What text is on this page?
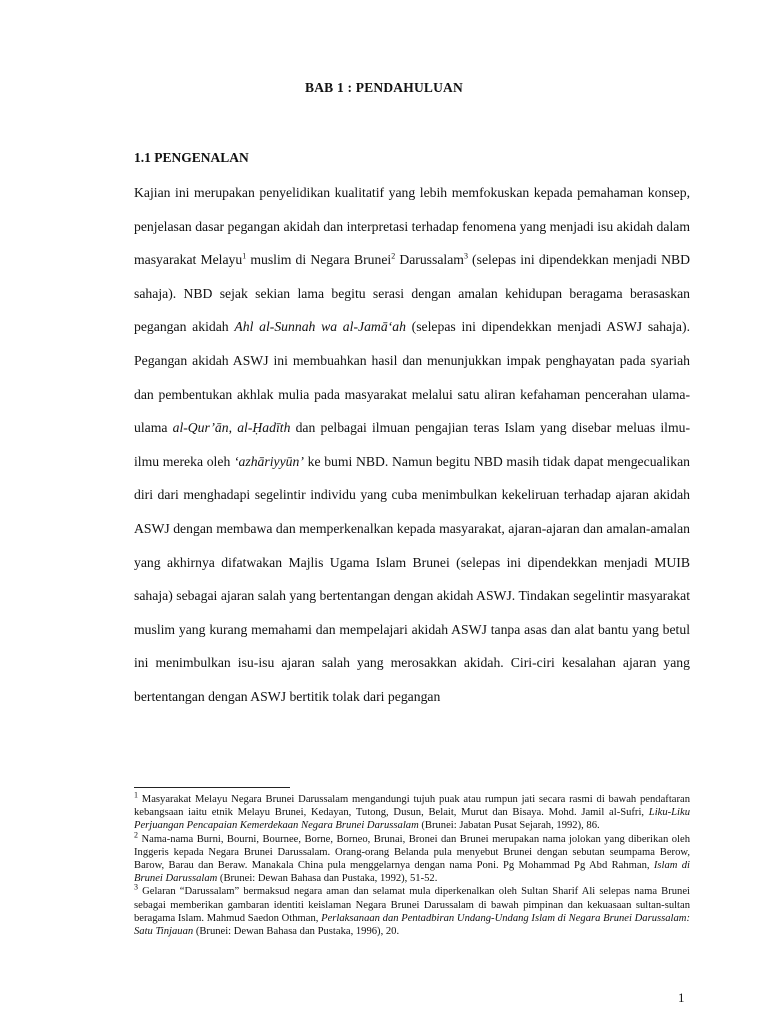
BAB 1 : PENDAHULUAN
1.1 PENGENALAN

Kajian ini merupakan penyelidikan kualitatif yang lebih memfokuskan kepada pemahaman konsep, penjelasan dasar pegangan akidah dan interpretasi terhadap fenomena yang menjadi isu akidah dalam masyarakat Melayu$^1$ muslim di Negara Brunei$^2$ Darussalam$^3$ (selepas ini dipendekkan menjadi NBD sahaja). NBD sejak sekian lama begitu serasi dengan amalan kehidupan beragama berasaskan pegangan akidah Ahl al-Sunnah wa al-Jamā‘ah (selepas ini dipendekkan menjadi ASWJ sahaja). Pegangan akidah ASWJ ini membuahkan hasil dan menunjukkan impak penghayatan pada syariah dan pembentukan akhlak mulia pada masyarakat melalui satu aliran kefahaman pencerahan ulama-ulama al-Qur’ān, al-Ḥadīth dan pelbagai ilmuan pengajian teras Islam yang disebar meluas ilmu-ilmu mereka oleh ‘azhāriyyūn’ ke bumi NBD. Namun begitu NBD masih tidak dapat mengecualikan diri dari menghadapi segelintir individu yang cuba menimbulkan kekeliruan terhadap ajaran akidah ASWJ dengan membawa dan memperkenalkan kepada masyarakat, ajaran-ajaran dan amalan-amalan yang akhirnya difatwakan Majlis Ugama Islam Brunei (selepas ini dipendekkan menjadi MUIB sahaja) sebagai ajaran salah yang bertentangan dengan akidah ASWJ. Tindakan segelintir masyarakat muslim yang kurang memahami dan mempelajari akidah ASWJ tanpa asas dan alat bantu yang betul ini menimbulkan isu-isu ajaran salah yang merosakkan akidah. Ciri-ciri kesalahan ajaran yang bertentangan dengan ASWJ bertitik tolak dari pegangan

$^1$ Masyarakat Melayu Negara Brunei Darussalam mengandungi tujuh puak atau rumpun jati secara rasmi di bawah pendaftaran kebangsaan iaitu etnik Melayu Brunei, Kedayan, Tutong, Dusun, Belait, Murut dan Bisaya. Mohd. Jamil al-Sufri, Liku-Liku Perjuangan Pencapaian Kemerdekaan Negara Brunei Darussalam (Brunei: Jabatan Pusat Sejarah, 1992), 86.

$^2$ Nama-nama Burni, Bourni, Bournee, Borne, Borneo, Brunai, Bronei dan Brunei merupakan nama jolokan yang diberikan oleh Inggeris kepada Negara Brunei Darussalam. Orang-orang Belanda pula menyebut Brunei dengan sebutan seumpama Berow, Barow, Barau dan Beraw. Manakala China pula menggelarnya dengan nama Poni. Pg Mohammad Pg Abd Rahman, Islam di Brunei Darussalam (Brunei: Dewan Bahasa dan Pustaka, 1992), 51-52.

$^3$ Gelaran “Darussalam” bermaksud negara aman dan selamat mula diperkenalkan oleh Sultan Sharif Ali selepas nama Brunei sebagai memberikan gambaran identiti keislaman Negara Brunei Darussalam di bawah pimpinan dan kekuasaan sultan-sultan beragama Islam. Mahmud Saedon Othman, Perlaksanaan dan Pentadbiran Undang-Undang Islam di Negara Brunei Darussalam: Satu Tinjauan (Brunei: Dewan Bahasa dan Pustaka, 1996), 20.

1
